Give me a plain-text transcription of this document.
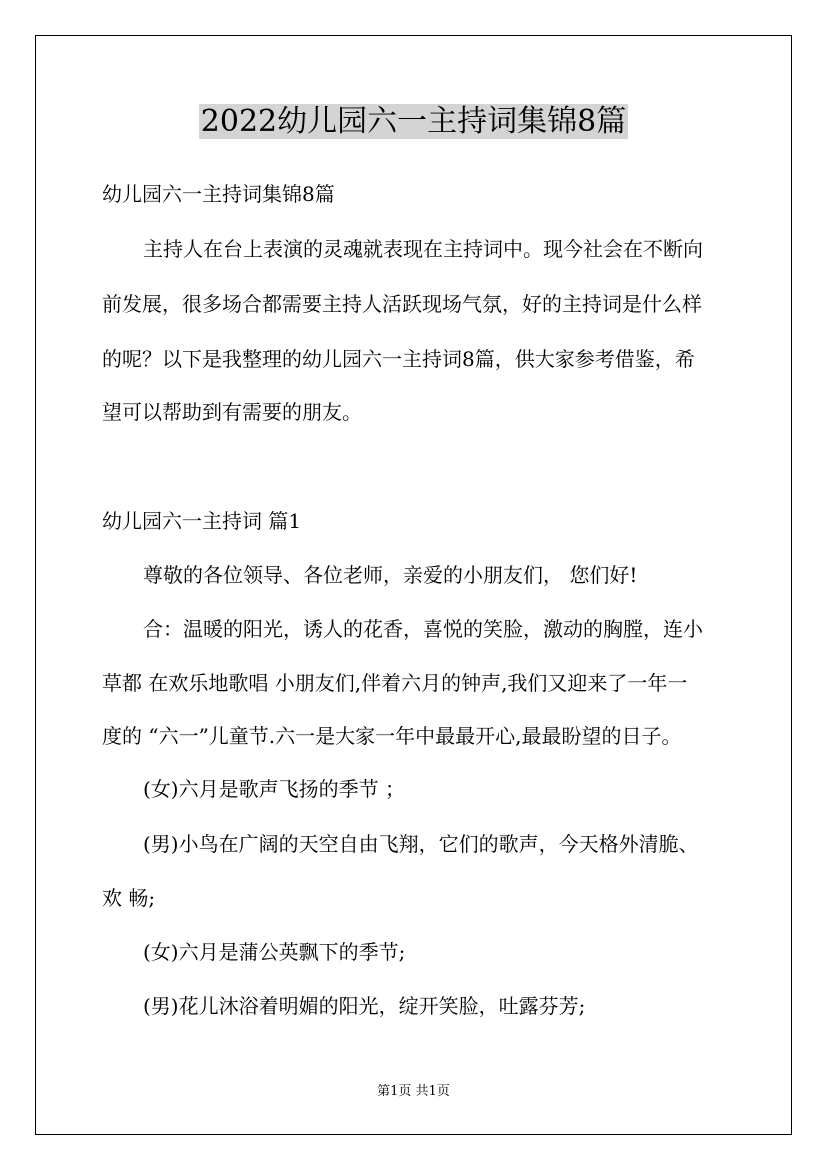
2022幼儿园六一主持词集锦8篇
幼儿园六一主持词集锦8篇
主持人在台上表演的灵魂就表现在主持词中。现今社会在不断向
前发展，很多场合都需要主持人活跃现场气氛，好的主持词是什么样
的呢？以下是我整理的幼儿园六一主持词8篇，供大家参考借鉴，希
望可以帮助到有需要的朋友。
幼儿园六一主持词 篇1
尊敬的各位领导、各位老师，亲爱的小朋友们， 您们好!
合：温暖的阳光，诱人的花香，喜悦的笑脸，激动的胸膛，连小
草都 在欢乐地歌唱 小朋友们,伴着六月的钟声,我们又迎来了一年一
度的 “六一”儿童节.六一是大家一年中最最开心,最最盼望的日子。
(女)六月是歌声飞扬的季节 ；
(男)小鸟在广阔的天空自由飞翔，它们的歌声，今天格外清脆、
欢 畅;
(女)六月是蒲公英飘下的季节;
(男)花儿沐浴着明媚的阳光，绽开笑脸，吐露芬芳;
第1页 共1页
